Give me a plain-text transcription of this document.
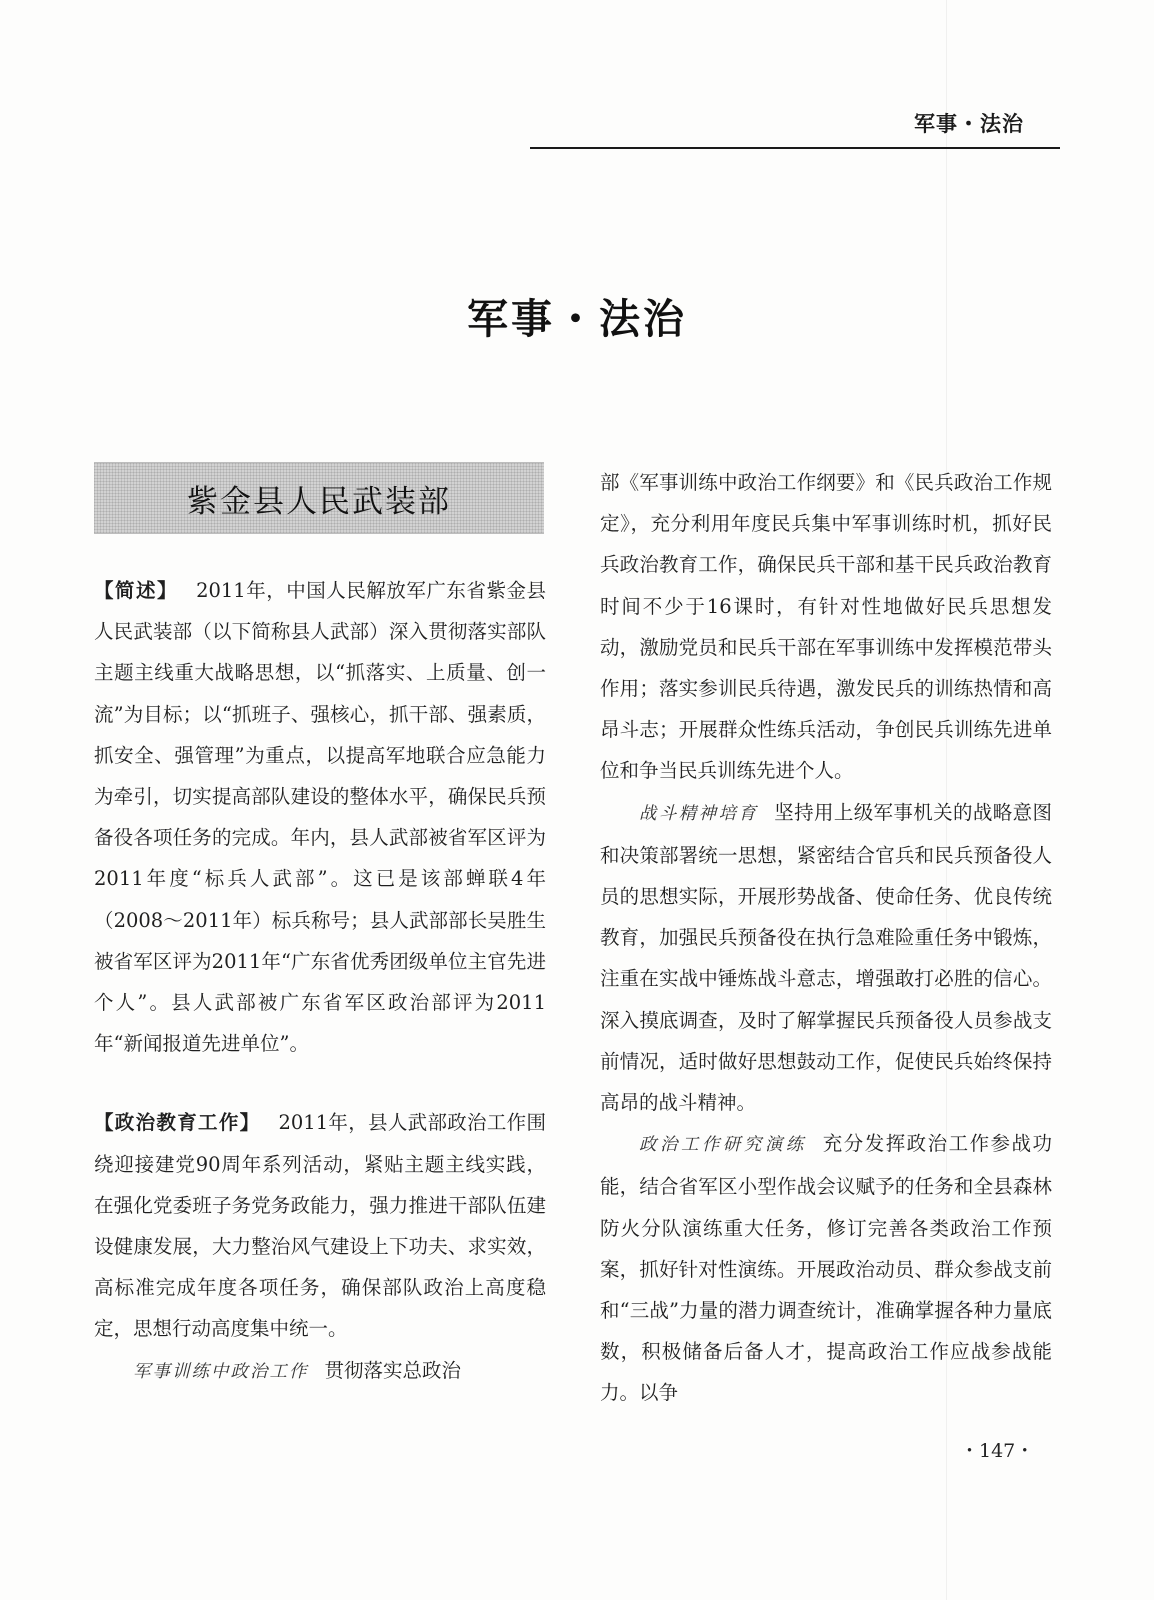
军事・法治
军事・法治
紫金县人民武装部

【简述】 2011年，中国人民解放军广东省紫金县人民武装部（以下简称县人武部）深入贯彻落实部队主题主线重大战略思想，以“抓落实、上质量、创一流”为目标；以“抓班子、强核心，抓干部、强素质，抓安全、强管理”为重点，以提高军地联合应急能力为牵引，切实提高部队建设的整体水平，确保民兵预备役各项任务的完成。年内，县人武部被省军区评为2011年度“标兵人武部”。这已是该部蝉联4年（2008～2011年）标兵称号；县人武部部长吴胜生被省军区评为2011年“广东省优秀团级单位主官先进个人”。县人武部被广东省军区政治部评为2011年“新闻报道先进单位”。

【政治教育工作】 2011年，县人武部政治工作围绕迎接建党90周年系列活动，紧贴主题主线实践，在强化党委班子务党务政能力，强力推进干部队伍建设健康发展，大力整治风气建设上下功夫、求实效，高标准完成年度各项任务，确保部队政治上高度稳定，思想行动高度集中统一。

军事训练中政治工作 贯彻落实总政治

部《军事训练中政治工作纲要》和《民兵政治工作规定》，充分利用年度民兵集中军事训练时机，抓好民兵政治教育工作，确保民兵干部和基干民兵政治教育时间不少于16课时，有针对性地做好民兵思想发动，激励党员和民兵干部在军事训练中发挥模范带头作用；落实参训民兵待遇，激发民兵的训练热情和高昂斗志；开展群众性练兵活动，争创民兵训练先进单位和争当民兵训练先进个人。

战斗精神培育 坚持用上级军事机关的战略意图和决策部署统一思想，紧密结合官兵和民兵预备役人员的思想实际，开展形势战备、使命任务、优良传统教育，加强民兵预备役在执行急难险重任务中锻炼，注重在实战中锤炼战斗意志，增强敢打必胜的信心。深入摸底调查，及时了解掌握民兵预备役人员参战支前情况，适时做好思想鼓动工作，促使民兵始终保持高昂的战斗精神。

政治工作研究演练 充分发挥政治工作参战功能，结合省军区小型作战会议赋予的任务和全县森林防火分队演练重大任务，修订完善各类政治工作预案，抓好针对性演练。开展政治动员、群众参战支前和“三战”力量的潜力调查统计，准确掌握各种力量底数，积极储备后备人才，提高政治工作应战参战能力。以争

・147・
